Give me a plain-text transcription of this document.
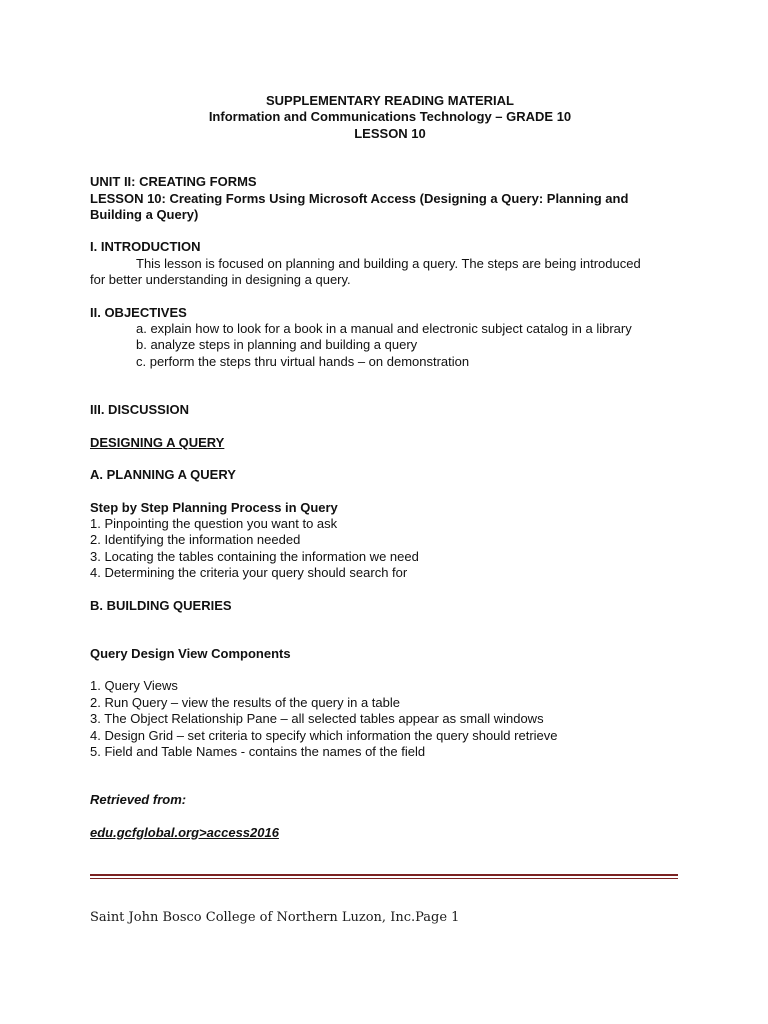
SUPPLEMENTARY READING MATERIAL
Information and Communications Technology – GRADE 10
LESSON 10
UNIT II: CREATING FORMS
LESSON 10: Creating Forms Using Microsoft Access (Designing a Query: Planning and
Building a Query)
I. INTRODUCTION
This lesson is focused on planning and building a query. The steps are being introduced
for better understanding in designing a query.
II. OBJECTIVES
a. explain how to look for a book in a manual and electronic subject catalog in a library
b. analyze steps in planning and building a query
c. perform the steps thru virtual hands – on demonstration
III. DISCUSSION
DESIGNING A QUERY
A. PLANNING A QUERY
Step by Step Planning Process in Query
1. Pinpointing the question you want to ask
2. Identifying the information needed
3. Locating the tables containing the information we need
4. Determining the criteria your query should search for
B. BUILDING QUERIES
Query Design View Components
1. Query Views
2. Run Query – view the results of the query in a table
3. The Object Relationship Pane – all selected tables appear as small windows
4. Design Grid – set criteria to specify which information the query should retrieve
5. Field and Table Names - contains the names of the field
Retrieved from:
edu.gcfglobal.org>access2016
Saint John Bosco College of Northern Luzon, Inc.Page 1
